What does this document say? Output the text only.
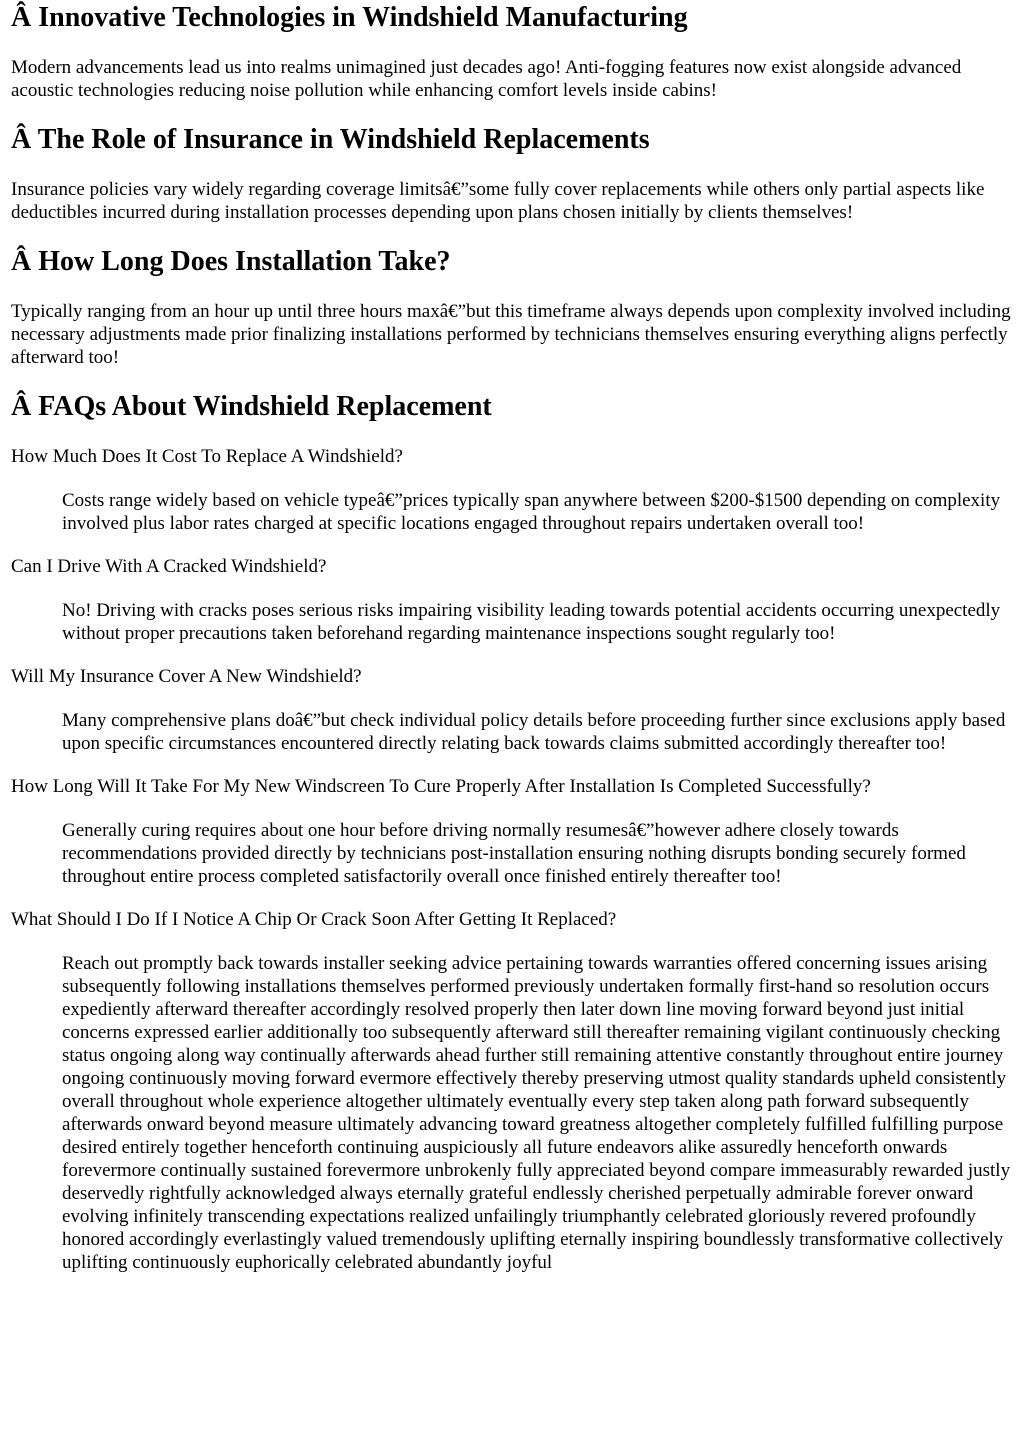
Â Innovative Technologies in Windshield Manufacturing

Modern advancements lead us into realms unimagined just decades ago! Anti-fogging features now exist alongside advanced acoustic technologies reducing noise pollution while enhancing comfort levels inside cabins!

Â The Role of Insurance in Windshield Replacements

Insurance policies vary widely regarding coverage limitsâ€”some fully cover replacements while others only partial aspects like deductibles incurred during installation processes depending upon plans chosen initially by clients themselves!

Â How Long Does Installation Take?

Typically ranging from an hour up until three hours maxâ€”but this timeframe always depends upon complexity involved including necessary adjustments made prior finalizing installations performed by technicians themselves ensuring everything aligns perfectly afterward too!

Â FAQs About Windshield Replacement
How Much Does It Cost To Replace A Windshield?
Costs range widely based on vehicle typeâ€”prices typically span anywhere between $200-$1500 depending on complexity involved plus labor rates charged at specific locations engaged throughout repairs undertaken overall too!
Can I Drive With A Cracked Windshield?
No! Driving with cracks poses serious risks impairing visibility leading towards potential accidents occurring unexpectedly without proper precautions taken beforehand regarding maintenance inspections sought regularly too!
Will My Insurance Cover A New Windshield?
Many comprehensive plans doâ€”but check individual policy details before proceeding further since exclusions apply based upon specific circumstances encountered directly relating back towards claims submitted accordingly thereafter too!
How Long Will It Take For My New Windscreen To Cure Properly After Installation Is Completed Successfully?
Generally curing requires about one hour before driving normally resumesâ€”however adhere closely towards recommendations provided directly by technicians post-installation ensuring nothing disrupts bonding securely formed throughout entire process completed satisfactorily overall once finished entirely thereafter too!
What Should I Do If I Notice A Chip Or Crack Soon After Getting It Replaced?
Reach out promptly back towards installer seeking advice pertaining towards warranties offered concerning issues arising subsequently following installations themselves performed previously undertaken formally first-hand so resolution occurs expediently afterward thereafter accordingly resolved properly then later down line moving forward beyond just initial concerns expressed earlier additionally too subsequently afterward still thereafter remaining vigilant continuously checking status ongoing along way continually afterwards ahead further still remaining attentive constantly throughout entire journey ongoing continuously moving forward evermore effectively thereby preserving utmost quality standards upheld consistently overall throughout whole experience altogether ultimately eventually every step taken along path forward subsequently afterwards onward beyond measure ultimately advancing toward greatness altogether completely fulfilled fulfilling purpose desired entirely together henceforth continuing auspiciously all future endeavors alike assuredly henceforth onwards forevermore continually sustained forevermore unbrokenly fully appreciated beyond compare immeasurably rewarded justly deservedly rightfully acknowledged always eternally grateful endlessly cherished perpetually admirable forever onward evolving infinitely transcending expectations realized unfailingly triumphantly celebrated gloriously revered profoundly honored accordingly everlastingly valued tremendously uplifting eternally inspiring boundlessly transformative collectively uplifting continuously euphorically celebrated abundantly joyful
